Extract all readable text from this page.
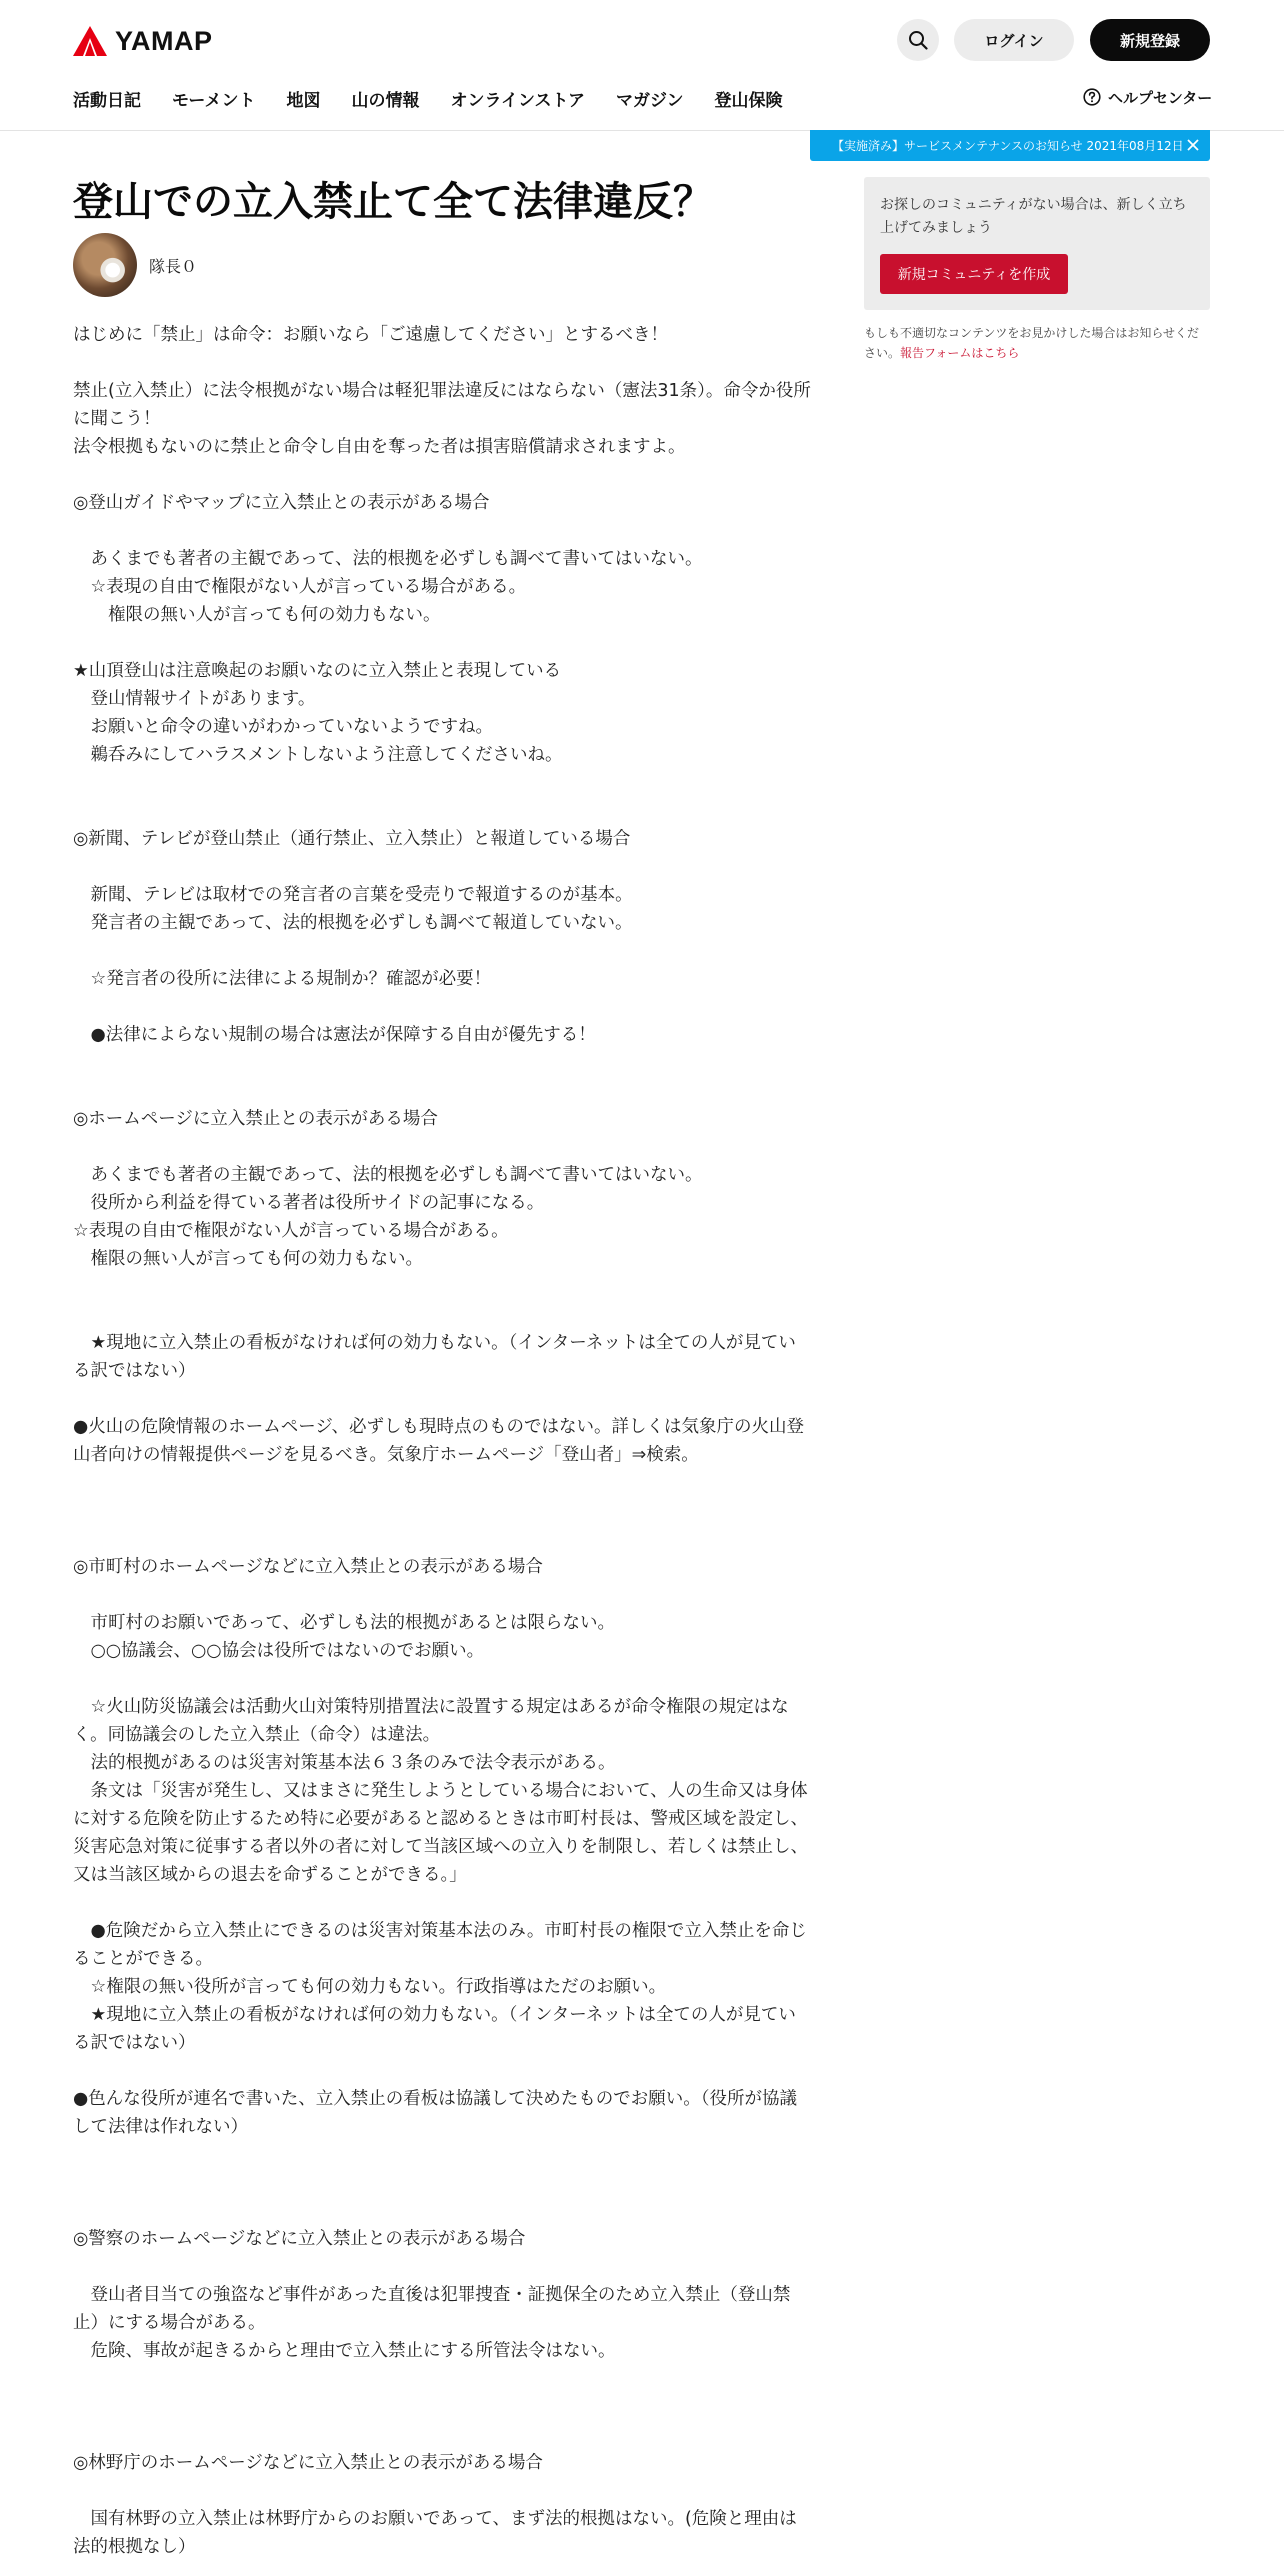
YAMAP	ログイン	新規登録
活動日記 モーメント 地図 山の情報 オンラインストア マガジン 登山保険	ヘルプセンター
【実施済み】サービスメンテナンスのお知らせ 2021年08月12日
登山での立入禁止て全て法律違反？
隊長０
はじめに「禁止」は命令：お願いなら「ご遠慮してください」とするべき！

禁止(立入禁止）に法令根拠がない場合は軽犯罪法違反にはならない（憲法31条）。命令か役所に聞こう！
法令根拠もないのに禁止と命令し自由を奪った者は損害賠償請求されますよ。

◎登山ガイドやマップに立入禁止との表示がある場合

　あくまでも著者の主観であって、法的根拠を必ずしも調べて書いてはいない。
　☆表現の自由で権限がない人が言っている場合がある。
　　権限の無い人が言っても何の効力もない。

★山頂登山は注意喚起のお願いなのに立入禁止と表現している
　登山情報サイトがあります。
　お願いと命令の違いがわかっていないようですね。
　鵜呑みにしてハラスメントしないよう注意してくださいね。

◎新聞、テレビが登山禁止（通行禁止、立入禁止）と報道している場合

　新聞、テレビは取材での発言者の言葉を受売りで報道するのが基本。
　発言者の主観であって、法的根拠を必ずしも調べて報道していない。

　☆発言者の役所に法律による規制か？確認が必要！

　●法律によらない規制の場合は憲法が保障する自由が優先する！

◎ホームページに立入禁止との表示がある場合

　あくまでも著者の主観であって、法的根拠を必ずしも調べて書いてはいない。
　役所から利益を得ている著者は役所サイドの記事になる。
☆表現の自由で権限がない人が言っている場合がある。
　権限の無い人が言っても何の効力もない。

　★現地に立入禁止の看板がなければ何の効力もない。（インターネットは全ての人が見ている訳ではない）

●火山の危険情報のホームページ、必ずしも現時点のものではない。詳しくは気象庁の火山登山者向けの情報提供ページを見るべき。気象庁ホームページ「登山者」⇒検索。

◎市町村のホームページなどに立入禁止との表示がある場合

　市町村のお願いであって、必ずしも法的根拠があるとは限らない。
　○○協議会、○○協会は役所ではないのでお願い。

　☆火山防災協議会は活動火山対策特別措置法に設置する規定はあるが命令権限の規定はなく。同協議会のした立入禁止（命令）は違法。
　法的根拠があるのは災害対策基本法６３条のみで法令表示がある。
　条文は「災害が発生し、又はまさに発生しようとしている場合において、人の生命又は身体に対する危険を防止するため特に必要があると認めるときは市町村長は、警戒区域を設定し、災害応急対策に従事する者以外の者に対して当該区域への立入りを制限し、若しくは禁止し、又は当該区域からの退去を命ずることができる。」

　●危険だから立入禁止にできるのは災害対策基本法のみ。市町村長の権限で立入禁止を命じることができる。
　☆権限の無い役所が言っても何の効力もない。行政指導はただのお願い。
　★現地に立入禁止の看板がなければ何の効力もない。（インターネットは全ての人が見ている訳ではない）

●色んな役所が連名で書いた、立入禁止の看板は協議して決めたものでお願い。（役所が協議して法律は作れない）

◎警察のホームページなどに立入禁止との表示がある場合

　登山者目当ての強盗など事件があった直後は犯罪捜査・証拠保全のため立入禁止（登山禁止）にする場合がある。
　危険、事故が起きるからと理由で立入禁止にする所管法令はない。

◎林野庁のホームページなどに立入禁止との表示がある場合

　国有林野の立入禁止は林野庁からのお願いであって、まず法的根拠はない。(危険と理由は法的根拠なし）

お探しのコミュニティがない場合は、新しく立ち上げてみましょう

新規コミュニティを作成
もしも不適切なコンテンツをお見かけした場合はお知らせください。報告フォームはこちら
